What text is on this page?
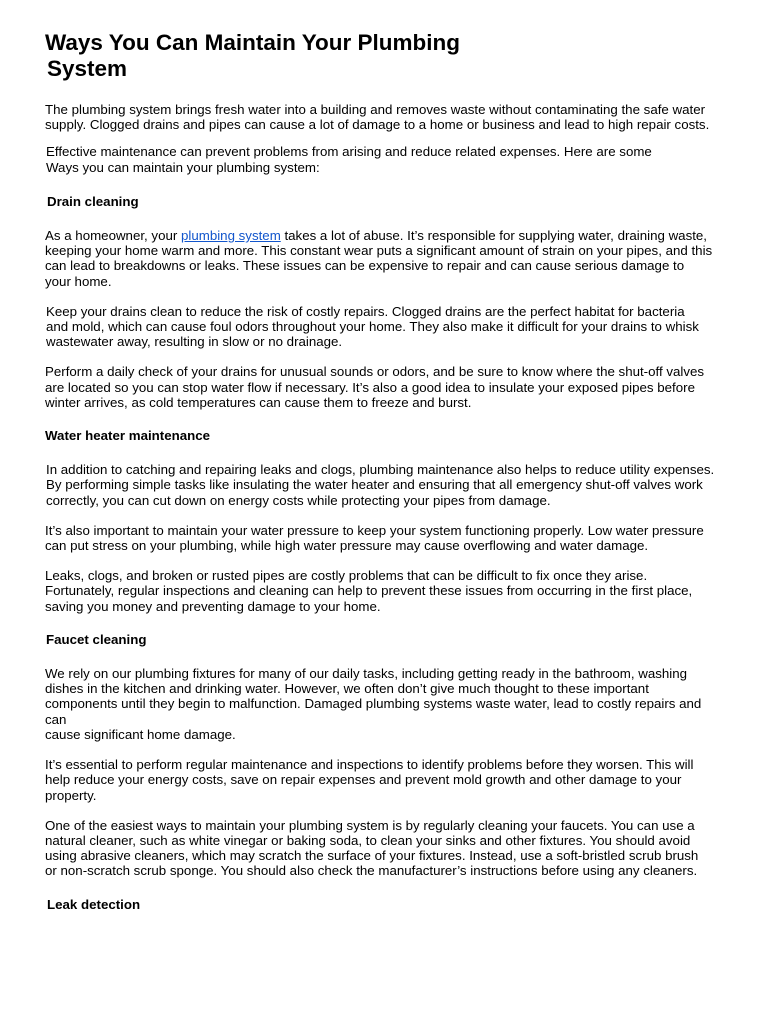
Ways You Can Maintain Your Plumbing
System

The plumbing system brings fresh water into a building and removes waste without contaminating the safe water supply. Clogged drains and pipes can cause a lot of damage to a home or business and lead to high repair costs.

Effective maintenance can prevent problems from arising and reduce related expenses. Here are some Ways you can maintain your plumbing system:

Drain cleaning

As a homeowner, your plumbing system takes a lot of abuse. It’s responsible for supplying water, draining waste, keeping your home warm and more. This constant wear puts a significant amount of strain on your pipes, and this can lead to breakdowns or leaks. These issues can be expensive to repair and can cause serious damage to your home.

Keep your drains clean to reduce the risk of costly repairs. Clogged drains are the perfect habitat for bacteria and mold, which can cause foul odors throughout your home. They also make it difficult for your drains to whisk wastewater away, resulting in slow or no drainage.

Perform a daily check of your drains for unusual sounds or odors, and be sure to know where the shut-off valves are located so you can stop water flow if necessary. It’s also a good idea to insulate your exposed pipes before winter arrives, as cold temperatures can cause them to freeze and burst.

Water heater maintenance

In addition to catching and repairing leaks and clogs, plumbing maintenance also helps to reduce utility expenses. By performing simple tasks like insulating the water heater and ensuring that all emergency shut-off valves work correctly, you can cut down on energy costs while protecting your pipes from damage.

It’s also important to maintain your water pressure to keep your system functioning properly. Low water pressure can put stress on your plumbing, while high water pressure may cause overflowing and water damage.

Leaks, clogs, and broken or rusted pipes are costly problems that can be difficult to fix once they arise. Fortunately, regular inspections and cleaning can help to prevent these issues from occurring in the first place, saving you money and preventing damage to your home.

Faucet cleaning

We rely on our plumbing fixtures for many of our daily tasks, including getting ready in the bathroom, washing dishes in the kitchen and drinking water. However, we often don’t give much thought to these important components until they begin to malfunction. Damaged plumbing systems waste water, lead to costly repairs and can
cause significant home damage.

It’s essential to perform regular maintenance and inspections to identify problems before they worsen. This will help reduce your energy costs, save on repair expenses and prevent mold growth and other damage to your property.

One of the easiest ways to maintain your plumbing system is by regularly cleaning your faucets. You can use a natural cleaner, such as white vinegar or baking soda, to clean your sinks and other fixtures. You should avoid using abrasive cleaners, which may scratch the surface of your fixtures. Instead, use a soft-bristled scrub brush or non-scratch scrub sponge. You should also check the manufacturer’s instructions before using any cleaners.

Leak detection
